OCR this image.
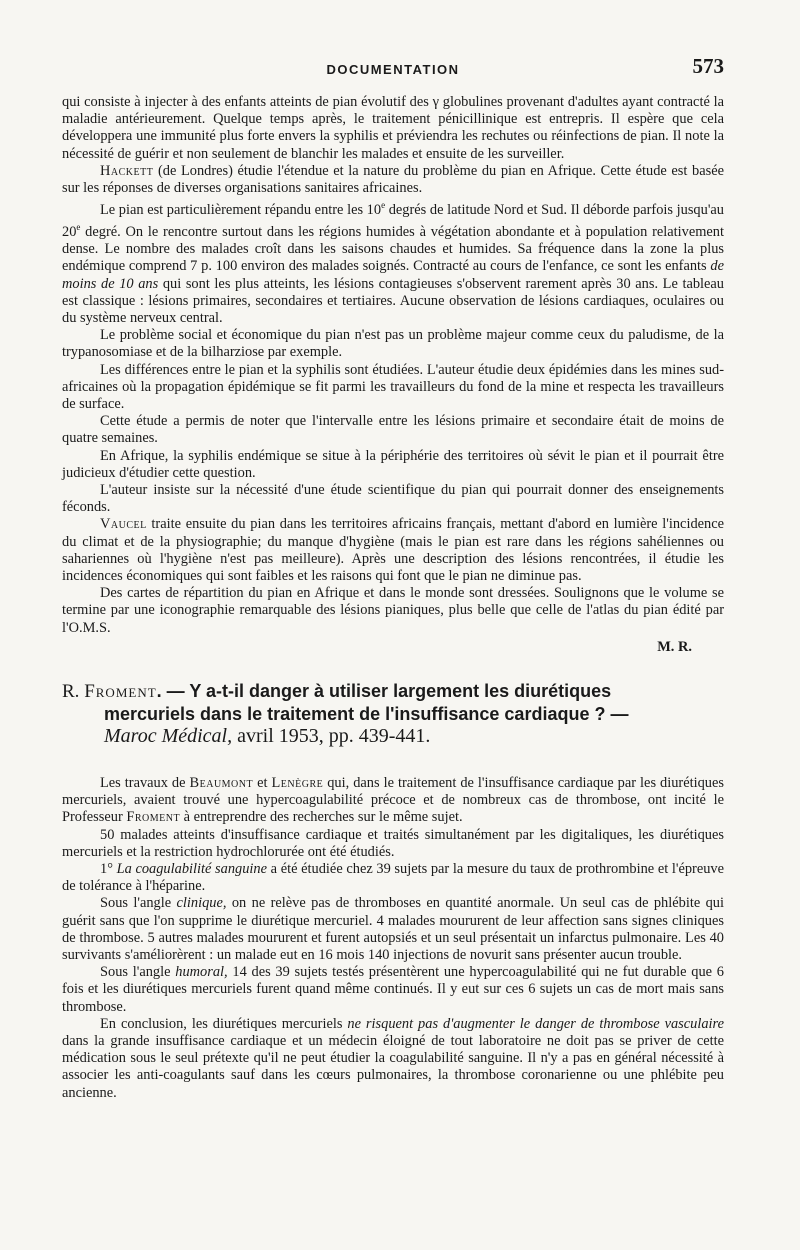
DOCUMENTATION	573

qui consiste à injecter à des enfants atteints de pian évolutif des γ globulines provenant d'adultes ayant contracté la maladie antérieurement. Quelque temps après, le traitement pénicillinique est entrepris. Il espère que cela développera une immunité plus forte envers la syphilis et préviendra les rechutes ou réinfections de pian. Il note la nécessité de guérir et non seulement de blanchir les malades et ensuite de les surveiller.

Hackett (de Londres) étudie l'étendue et la nature du problème du pian en Afrique. Cette étude est basée sur les réponses de diverses organisations sanitaires africaines.

Le pian est particulièrement répandu entre les 10e degrés de latitude Nord et Sud. Il déborde parfois jusqu'au 20e degré. On le rencontre surtout dans les régions humides à végétation abondante et à population relativement dense. Le nombre des malades croît dans les saisons chaudes et humides. Sa fréquence dans la zone la plus endémique comprend 7 p. 100 environ des malades soignés. Contracté au cours de l'enfance, ce sont les enfants de moins de 10 ans qui sont les plus atteints, les lésions contagieuses s'observent rarement après 30 ans. Le tableau est classique : lésions primaires, secondaires et tertiaires. Aucune observation de lésions cardiaques, oculaires ou du système nerveux central.

Le problème social et économique du pian n'est pas un problème majeur comme ceux du paludisme, de la trypanosomiase et de la bilharziose par exemple.

Les différences entre le pian et la syphilis sont étudiées. L'auteur étudie deux épidémies dans les mines sud-africaines où la propagation épidémique se fit parmi les travailleurs du fond de la mine et respecta les travailleurs de surface.

Cette étude a permis de noter que l'intervalle entre les lésions primaire et secondaire était de moins de quatre semaines.

En Afrique, la syphilis endémique se situe à la périphérie des territoires où sévit le pian et il pourrait être judicieux d'étudier cette question.

L'auteur insiste sur la nécessité d'une étude scientifique du pian qui pourrait donner des enseignements féconds.

Vaucel traite ensuite du pian dans les territoires africains français, mettant d'abord en lumière l'incidence du climat et de la physiographie; du manque d'hygiène (mais le pian est rare dans les régions sahéliennes ou sahariennes où l'hygiène n'est pas meilleure). Après une description des lésions rencontrées, il étudie les incidences économiques qui sont faibles et les raisons qui font que le pian ne diminue pas.

Des cartes de répartition du pian en Afrique et dans le monde sont dressées. Soulignons que le volume se termine par une iconographie remarquable des lésions pianiques, plus belle que celle de l'atlas du pian édité par l'O.M.S.

M. R.
R. Froment. — Y a-t-il danger à utiliser largement les diurétiques
mercuriels dans le traitement de l'insuffisance cardiaque ? —
Maroc Médical, avril 1953, pp. 439-441.

Les travaux de Beaumont et Lenègre qui, dans le traitement de l'insuffisance cardiaque par les diurétiques mercuriels, avaient trouvé une hypercoagulabilité précoce et de nombreux cas de thrombose, ont incité le Professeur Froment à entreprendre des recherches sur le même sujet.

50 malades atteints d'insuffisance cardiaque et traités simultanément par les digitaliques, les diurétiques mercuriels et la restriction hydrochlorurée ont été étudiés.

1° La coagulabilité sanguine a été étudiée chez 39 sujets par la mesure du taux de prothrombine et l'épreuve de tolérance à l'héparine.

Sous l'angle clinique, on ne relève pas de thromboses en quantité anormale. Un seul cas de phlébite qui guérit sans que l'on supprime le diurétique mercuriel. 4 malades moururent de leur affection sans signes cliniques de thrombose. 5 autres malades moururent et furent autopsiés et un seul présentait un infarctus pulmonaire. Les 40 survivants s'améliorèrent : un malade eut en 16 mois 140 injections de novurit sans présenter aucun trouble.

Sous l'angle humoral, 14 des 39 sujets testés présentèrent une hypercoagulabilité qui ne fut durable que 6 fois et les diurétiques mercuriels furent quand même continués. Il y eut sur ces 6 sujets un cas de mort mais sans thrombose.

En conclusion, les diurétiques mercuriels ne risquent pas d'augmenter le danger de thrombose vasculaire dans la grande insuffisance cardiaque et un médecin éloigné de tout laboratoire ne doit pas se priver de cette médication sous le seul prétexte qu'il ne peut étudier la coagulabilité sanguine. Il n'y a pas en général nécessité à associer les anti-coagulants sauf dans les cœurs pulmonaires, la thrombose coronarienne ou une phlébite peu ancienne.
